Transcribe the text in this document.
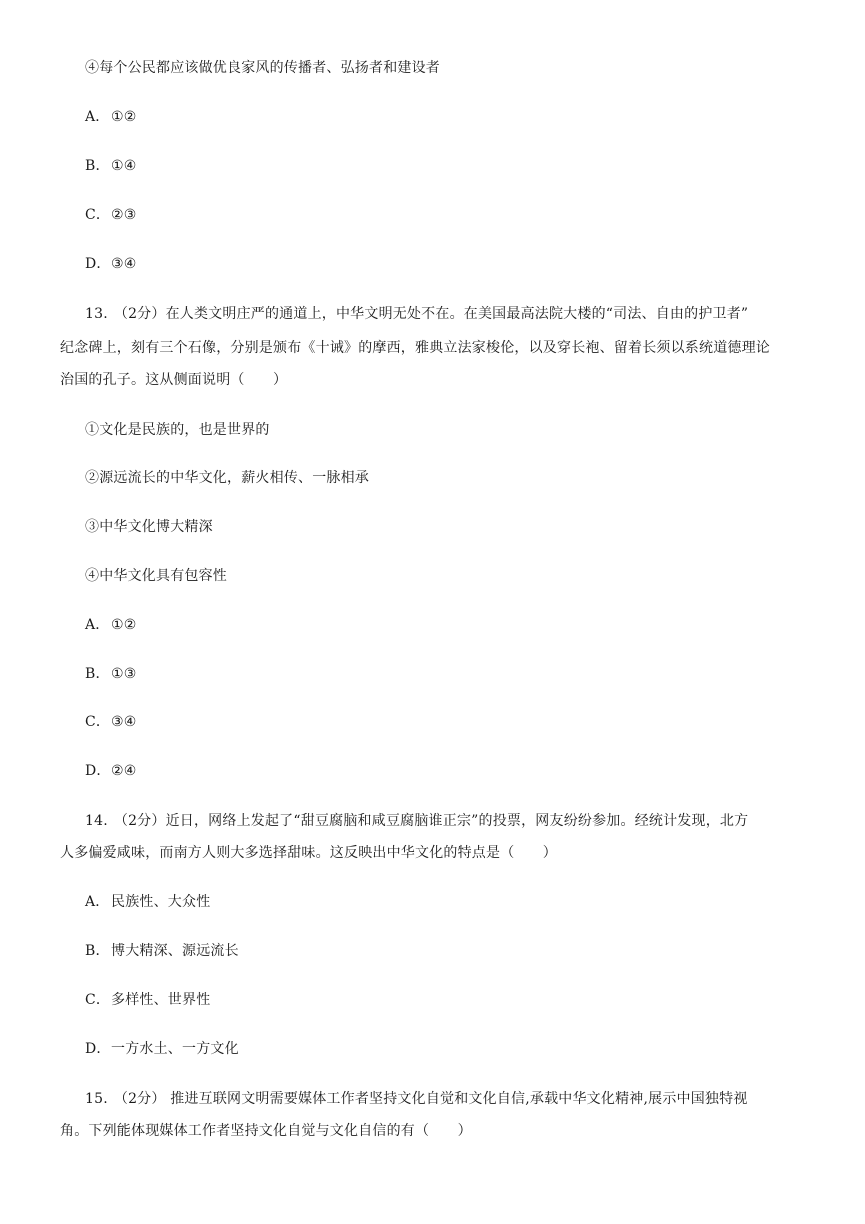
④每个公民都应该做优良家风的传播者、弘扬者和建设者
A．①②
B．①④
C．②③
D．③④
13. （2分）在人类文明庄严的通道上，中华文明无处不在。在美国最高法院大楼的“司法、自由的护卫者”
纪念碑上，刻有三个石像，分别是颁布《十诫》的摩西，雅典立法家梭伦，以及穿长袍、留着长须以系统道德理论
治国的孔子。这从侧面说明（　　）
①文化是民族的，也是世界的
②源远流长的中华文化，薪火相传、一脉相承
③中华文化博大精深
④中华文化具有包容性
A．①②
B．①③
C．③④
D．②④
14. （2分）近日，网络上发起了“甜豆腐脑和咸豆腐脑谁正宗”的投票，网友纷纷参加。经统计发现，北方
人多偏爱咸味，而南方人则大多选择甜味。这反映出中华文化的特点是（　　）
A．民族性、大众性
B．博大精深、源远流长
C．多样性、世界性
D．一方水土、一方文化
15. （2分） 推进互联网文明需要媒体工作者坚持文化自觉和文化自信,承载中华文化精神,展示中国独特视
角。下列能体现媒体工作者坚持文化自觉与文化自信的有（　　）
